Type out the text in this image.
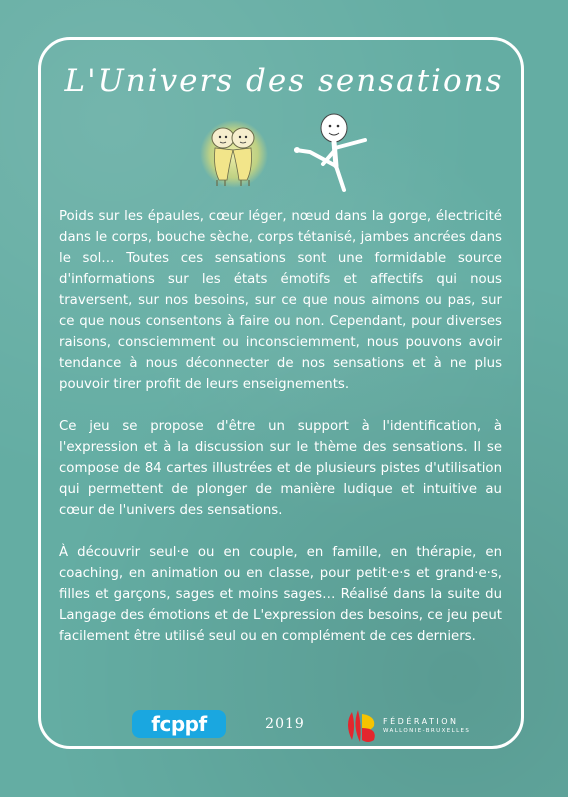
L'Univers des sensations

Poids sur les épaules, cœur léger, nœud dans la gorge, électricité dans le corps, bouche sèche, corps tétanisé, jambes ancrées dans le sol… Toutes ces sensations sont une formidable source d'informations sur les états émotifs et affectifs qui nous traversent, sur nos besoins, sur ce que nous aimons ou pas, sur ce que nous consentons à faire ou non. Cependant, pour diverses raisons, consciemment ou inconsciemment, nous pouvons avoir tendance à nous déconnecter de nos sensations et à ne plus pouvoir tirer profit de leurs enseignements.

Ce jeu se propose d'être un support à l'identification, à l'expression et à la discussion sur le thème des sensations. Il se compose de 84 cartes illustrées et de plusieurs pistes d'utilisation qui permettent de plonger de manière ludique et intuitive au cœur de l'univers des sensations.

À découvrir seul·e ou en couple, en famille, en thérapie, en coaching, en animation ou en classe, pour petit·e·s et grand·e·s, filles et garçons, sages et moins sages… Réalisé dans la suite du Langage des émotions et de L'expression des besoins, ce jeu peut facilement être utilisé seul ou en complément de ces derniers.

fcppf	2019	FÉDÉRATION
WALLONIE-BRUXELLES
